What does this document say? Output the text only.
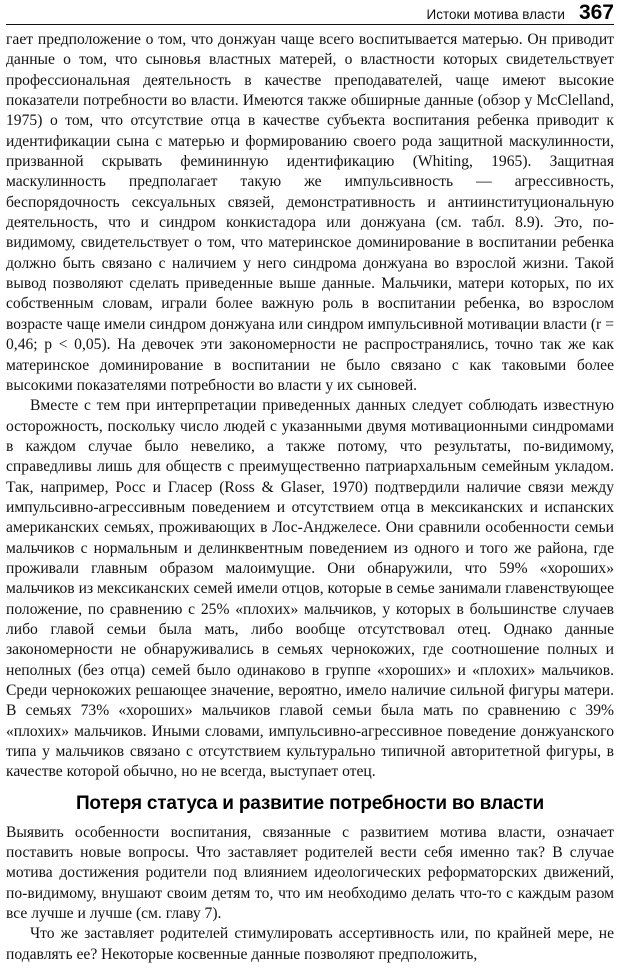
Истоки мотива власти 367

гает предположение о том, что донжуан чаще всего воспитывается матерью. Он приводит данные о том, что сыновья властных матерей, о властности которых свидетельствует профессиональная деятельность в качестве преподавателей, чаще имеют высокие показатели потребности во власти. Имеются также обширные данные (обзор у McClelland, 1975) о том, что отсутствие отца в качестве субъекта воспитания ребенка приводит к идентификации сына с матерью и формированию своего рода защитной маскулинности, призванной скрывать фемининную идентификацию (Whiting, 1965). Защитная маскулинность предполагает такую же импульсивность — агрессивность, беспорядочность сексуальных связей, демонстративность и антиинституциональную деятельность, что и синдром конкистадора или донжуана (см. табл. 8.9). Это, по-видимому, свидетельствует о том, что материнское доминирование в воспитании ребенка должно быть связано с наличием у него синдрома донжуана во взрослой жизни. Такой вывод позволяют сделать приведенные выше данные. Мальчики, матери которых, по их собственным словам, играли более важную роль в воспитании ребенка, во взрослом возрасте чаще имели синдром донжуана или синдром импульсивной мотивации власти (r = 0,46; p < 0,05). На девочек эти закономерности не распространялись, точно так же как материнское доминирование в воспитании не было связано с как таковыми более высокими показателями потребности во власти у их сыновей.

Вместе с тем при интерпретации приведенных данных следует соблюдать известную осторожность, поскольку число людей с указанными двумя мотивационными синдромами в каждом случае было невелико, а также потому, что результаты, по-видимому, справедливы лишь для обществ с преимущественно патриархальным семейным укладом. Так, например, Росс и Гласер (Ross & Glaser, 1970) подтвердили наличие связи между импульсивно-агрессивным поведением и отсутствием отца в мексиканских и испанских американских семьях, проживающих в Лос-Анджелесе. Они сравнили особенности семьи мальчиков с нормальным и делинквентным поведением из одного и того же района, где проживали главным образом малоимущие. Они обнаружили, что 59% «хороших» мальчиков из мексиканских семей имели отцов, которые в семье занимали главенствующее положение, по сравнению с 25% «плохих» мальчиков, у которых в большинстве случаев либо главой семьи была мать, либо вообще отсутствовал отец. Однако данные закономерности не обнаруживались в семьях чернокожих, где соотношение полных и неполных (без отца) семей было одинаково в группе «хороших» и «плохих» мальчиков. Среди чернокожих решающее значение, вероятно, имело наличие сильной фигуры матери. В семьях 73% «хороших» мальчиков главой семьи была мать по сравнению с 39% «плохих» мальчиков. Иными словами, импульсивно-агрессивное поведение донжуанского типа у мальчиков связано с отсутствием культурально типичной авторитетной фигуры, в качестве которой обычно, но не всегда, выступает отец.

Потеря статуса и развитие потребности во власти

Выявить особенности воспитания, связанные с развитием мотива власти, означает поставить новые вопросы. Что заставляет родителей вести себя именно так? В случае мотива достижения родители под влиянием идеологических реформаторских движений, по-видимому, внушают своим детям то, что им необходимо делать что-то с каждым разом все лучше и лучше (см. главу 7).

Что же заставляет родителей стимулировать ассертивность или, по крайней мере, не подавлять ее? Некоторые косвенные данные позволяют предположить,
